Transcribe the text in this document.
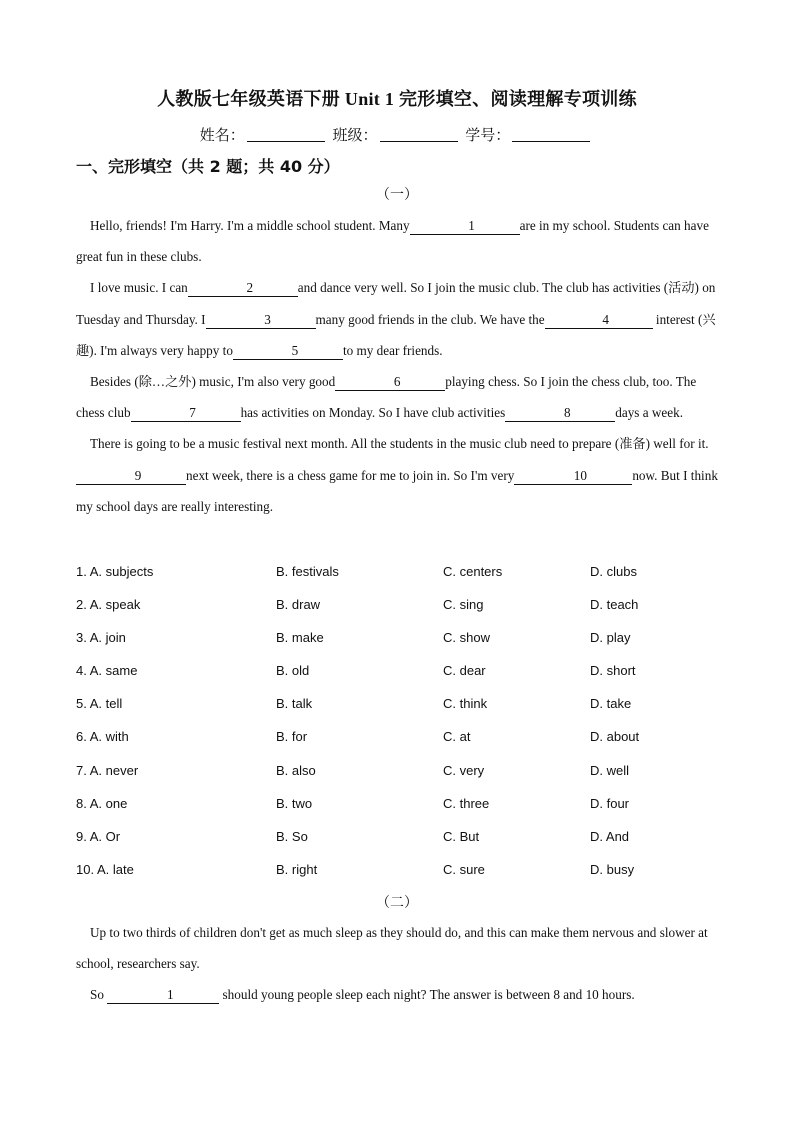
人教版七年级英语下册 Unit 1 完形填空、阅读理解专项训练
姓名：	班级：	学号：
一、完形填空（共 2 题；共 40 分）
（一）

Hello, friends! I'm Harry. I'm a middle school student. Many	1	are in my school. Students can have great fun in these clubs.

I love music. I can	2	and dance very well. So I join the music club. The club has activities (活动) on Tuesday and Thursday. I	3	many good friends in the club. We have the	4	interest (兴趣). I'm always very happy to	5	to my dear friends.

Besides (除…之外) music, I'm also very good	6	playing chess. So I join the chess club, too. The chess club	7	has activities on Monday. So I have club activities	8	days a week.

There is going to be a music festival next month. All the students in the music club need to prepare (准备) well for it. 9	next week, there is a chess game for me to join in. So I'm very	10	now. But I think my school days are really interesting.

1. A. subjects	B. festivals	C. centers	D. clubs
2. A. speak	B. draw	C. sing	D. teach
3. A. join	B. make	C. show	D. play
4. A. same	B. old	C. dear	D. short
5. A. tell	B. talk	C. think	D. take
6. A. with	B. for	C. at	D. about
7. A. never	B. also	C. very	D. well
8. A. one	B. two	C. three	D. four
9. A. Or	B. So	C. But	D. And
10. A. late	B. right	C. sure	D. busy
（二）

Up to two thirds of children don't get as much sleep as they should do, and this can make them nervous and slower at school, researchers say.

So	1	should young people sleep each night? The answer is between 8 and 10 hours.
